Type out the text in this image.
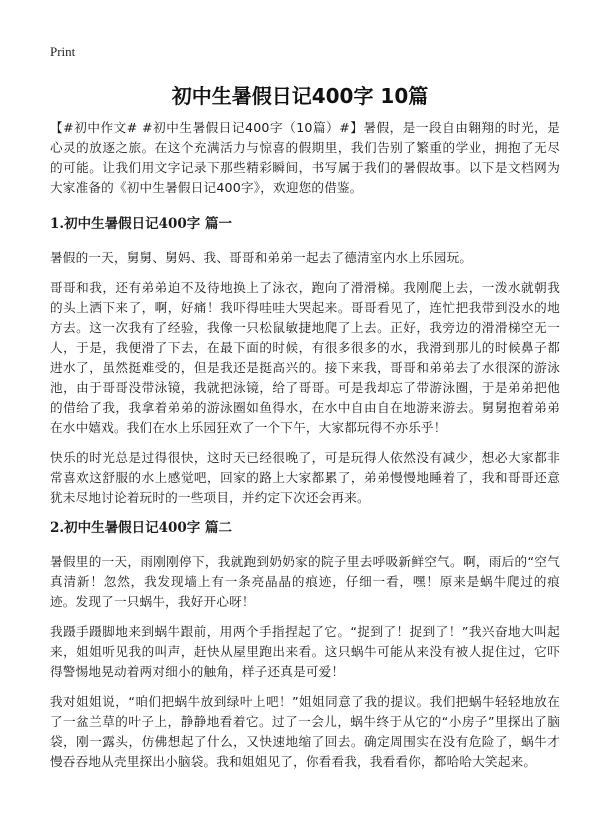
Print
初中生暑假日记400字 10篇

【#初中作文# #初中生暑假日记400字（10篇）#】暑假，是一段自由翱翔的时光，是心灵的放逐之旅。在这个充满活力与惊喜的假期里，我们告别了繁重的学业，拥抱了无尽的可能。让我们用文字记录下那些精彩瞬间，书写属于我们的暑假故事。以下是文档网为大家准备的《初中生暑假日记400字》，欢迎您的借鉴。

1.初中生暑假日记400字 篇一

暑假的一天，舅舅、舅妈、我、哥哥和弟弟一起去了德清室内水上乐园玩。

哥哥和我，还有弟弟迫不及待地换上了泳衣，跑向了滑滑梯。我刚爬上去，一泼水就朝我的头上洒下来了，啊，好痛！我吓得哇哇大哭起来。哥哥看见了，连忙把我带到没水的地方去。这一次我有了经验，我像一只松鼠敏捷地爬了上去。正好，我旁边的滑滑梯空无一人，于是，我便滑了下去，在最下面的时候，有很多很多的水，我滑到那儿的时候鼻子都进水了，虽然挺难受的，但是我还是挺高兴的。接下来我，哥哥和弟弟去了水很深的游泳池，由于哥哥没带泳镜，我就把泳镜，给了哥哥。可是我却忘了带游泳圈，于是弟弟把他的借给了我，我拿着弟弟的游泳圈如鱼得水，在水中自由自在地游来游去。舅舅抱着弟弟在水中嬉戏。我们在水上乐园狂欢了一个下午，大家都玩得不亦乐乎！

快乐的时光总是过得很快，这时天已经很晚了，可是玩得人依然没有减少，想必大家都非常喜欢这舒服的水上感觉吧，回家的路上大家都累了，弟弟慢慢地睡着了，我和哥哥还意犹未尽地讨论着玩时的一些项目，并约定下次还会再来。

2.初中生暑假日记400字 篇二

暑假里的一天，雨刚刚停下，我就跑到奶奶家的院子里去呼吸新鲜空气。啊，雨后的“空气真清新！忽然，我发现墙上有一条亮晶晶的痕迹，仔细一看，嘿！原来是蜗牛爬过的痕迹。发现了一只蜗牛，我好开心呀！

我蹑手蹑脚地来到蜗牛跟前，用两个手指捏起了它。“捉到了！捉到了！”我兴奋地大叫起来，姐姐听见我的叫声，赶快从屋里跑出来看。这只蜗牛可能从来没有被人捉住过，它吓得警惕地晃动着两对细小的触角，样子还真是可爱！

我对姐姐说，“咱们把蜗牛放到绿叶上吧！”姐姐同意了我的提议。我们把蜗牛轻轻地放在了一盆兰草的叶子上，静静地看着它。过了一会儿，蜗牛终于从它的“小房子”里探出了脑袋，刚一露头，仿佛想起了什么，又快速地缩了回去。确定周围实在没有危险了，蜗牛才慢吞吞地从壳里探出小脑袋。我和姐姐见了，你看看我，我看看你，都哈哈大笑起来。
